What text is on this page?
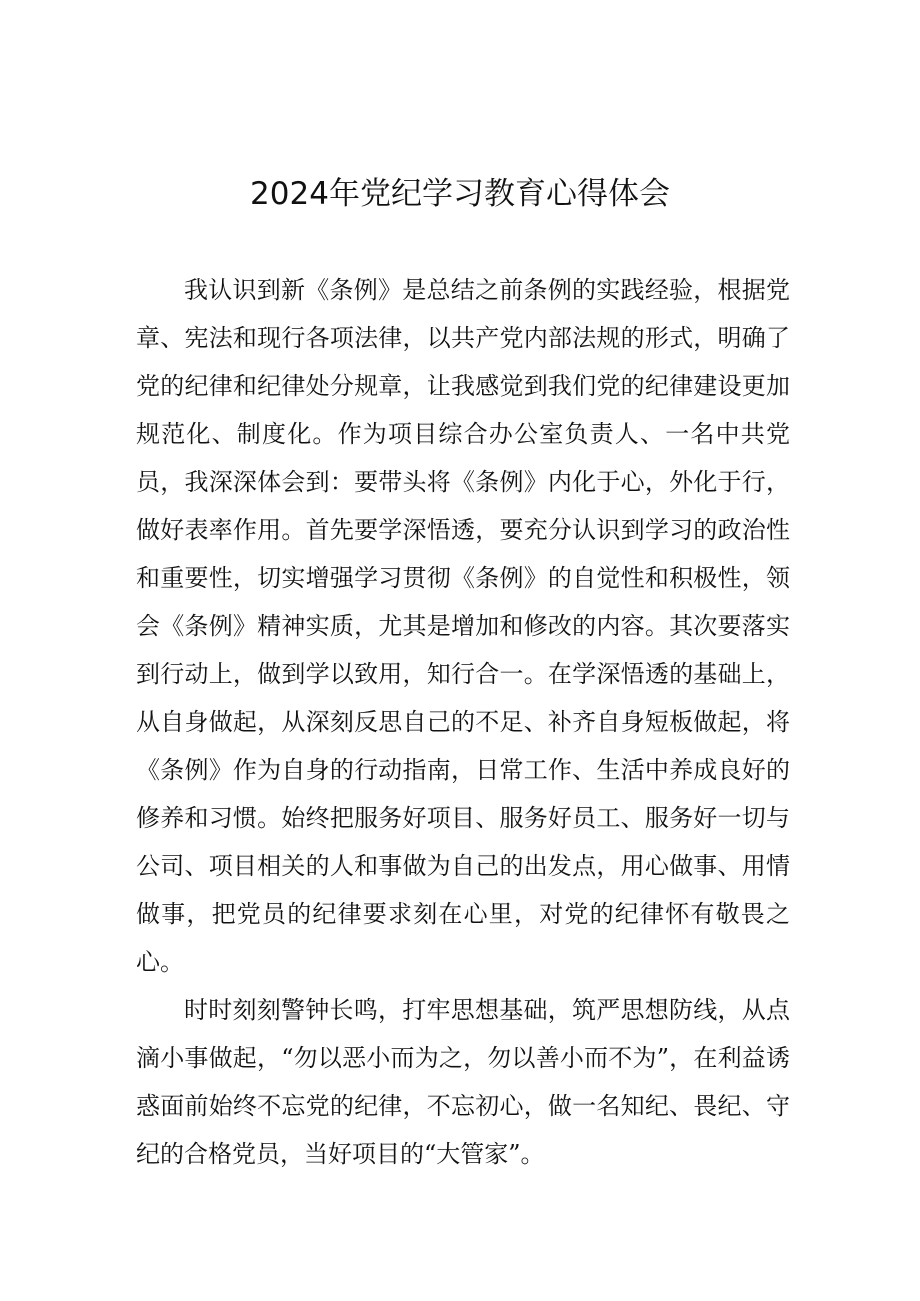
2024年党纪学习教育心得体会

我认识到新《条例》是总结之前条例的实践经验，根据党章、宪法和现行各项法律，以共产党内部法规的形式，明确了党的纪律和纪律处分规章，让我感觉到我们党的纪律建设更加规范化、制度化。作为项目综合办公室负责人、一名中共党员，我深深体会到：要带头将《条例》内化于心，外化于行，做好表率作用。首先要学深悟透，要充分认识到学习的政治性和重要性，切实增强学习贯彻《条例》的自觉性和积极性，领会《条例》精神实质，尤其是增加和修改的内容。其次要落实到行动上，做到学以致用，知行合一。在学深悟透的基础上，从自身做起，从深刻反思自己的不足、补齐自身短板做起，将《条例》作为自身的行动指南，日常工作、生活中养成良好的修养和习惯。始终把服务好项目、服务好员工、服务好一切与公司、项目相关的人和事做为自己的出发点，用心做事、用情做事，把党员的纪律要求刻在心里，对党的纪律怀有敬畏之心。

时时刻刻警钟长鸣，打牢思想基础，筑严思想防线，从点滴小事做起，“勿以恶小而为之，勿以善小而不为”，在利益诱惑面前始终不忘党的纪律，不忘初心，做一名知纪、畏纪、守纪的合格党员，当好项目的“大管家”。
